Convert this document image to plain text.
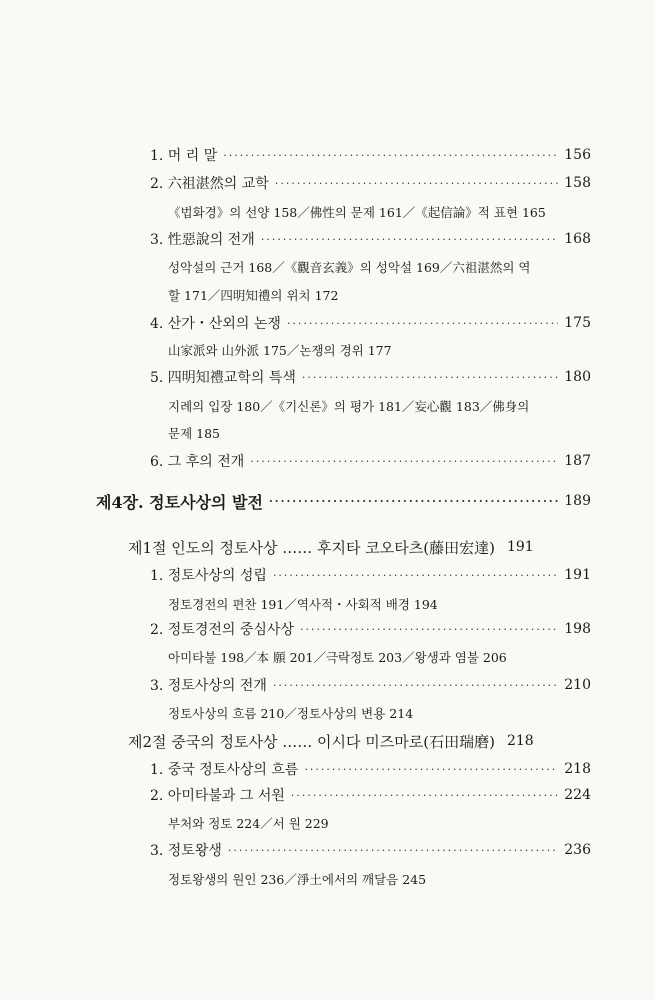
1. 머 리 말 ·····	156
2. 六祖湛然의 교학 ·····	158
《법화경》의 선양 158／佛性의 문제 161／《起信論》적 표현 165
3. 性惡說의 전개 ·····	168
성악설의 근거 168／《觀音玄義》의 성악설 169／六祖湛然의 역
할 171／四明知禮의 위치 172
4. 산가・산외의 논쟁 ·····	175
山家派와 山外派 175／논쟁의 경위 177
5. 四明知禮교학의 특색 ·····	180
지례의 입장 180／《기신론》의 평가 181／妄心觀 183／佛身의
문제 185
6. 그 후의 전개 ·····	187
제4장. 정토사상의 발전 ·····	189
제1절 인도의 정토사상 …… 후지타 코오타츠(藤田宏達) 191
1. 정토사상의 성립 ·····	191
정토경전의 편찬 191／역사적・사회적 배경 194
2. 정토경전의 중심사상 ·····	198
아미타불 198／本 願 201／극락정토 203／왕생과 염불 206
3. 정토사상의 전개 ·····	210
정토사상의 흐름 210／정토사상의 변용 214
제2절 중국의 정토사상 …… 이시다 미즈마로(石田瑞磨) 218
1. 중국 정토사상의 흐름 ·····	218
2. 아미타불과 그 서원 ·····	224
부처와 정토 224／서 원 229
3. 정토왕생 ·····	236
정토왕생의 원인 236／淨土에서의 깨달음 245
